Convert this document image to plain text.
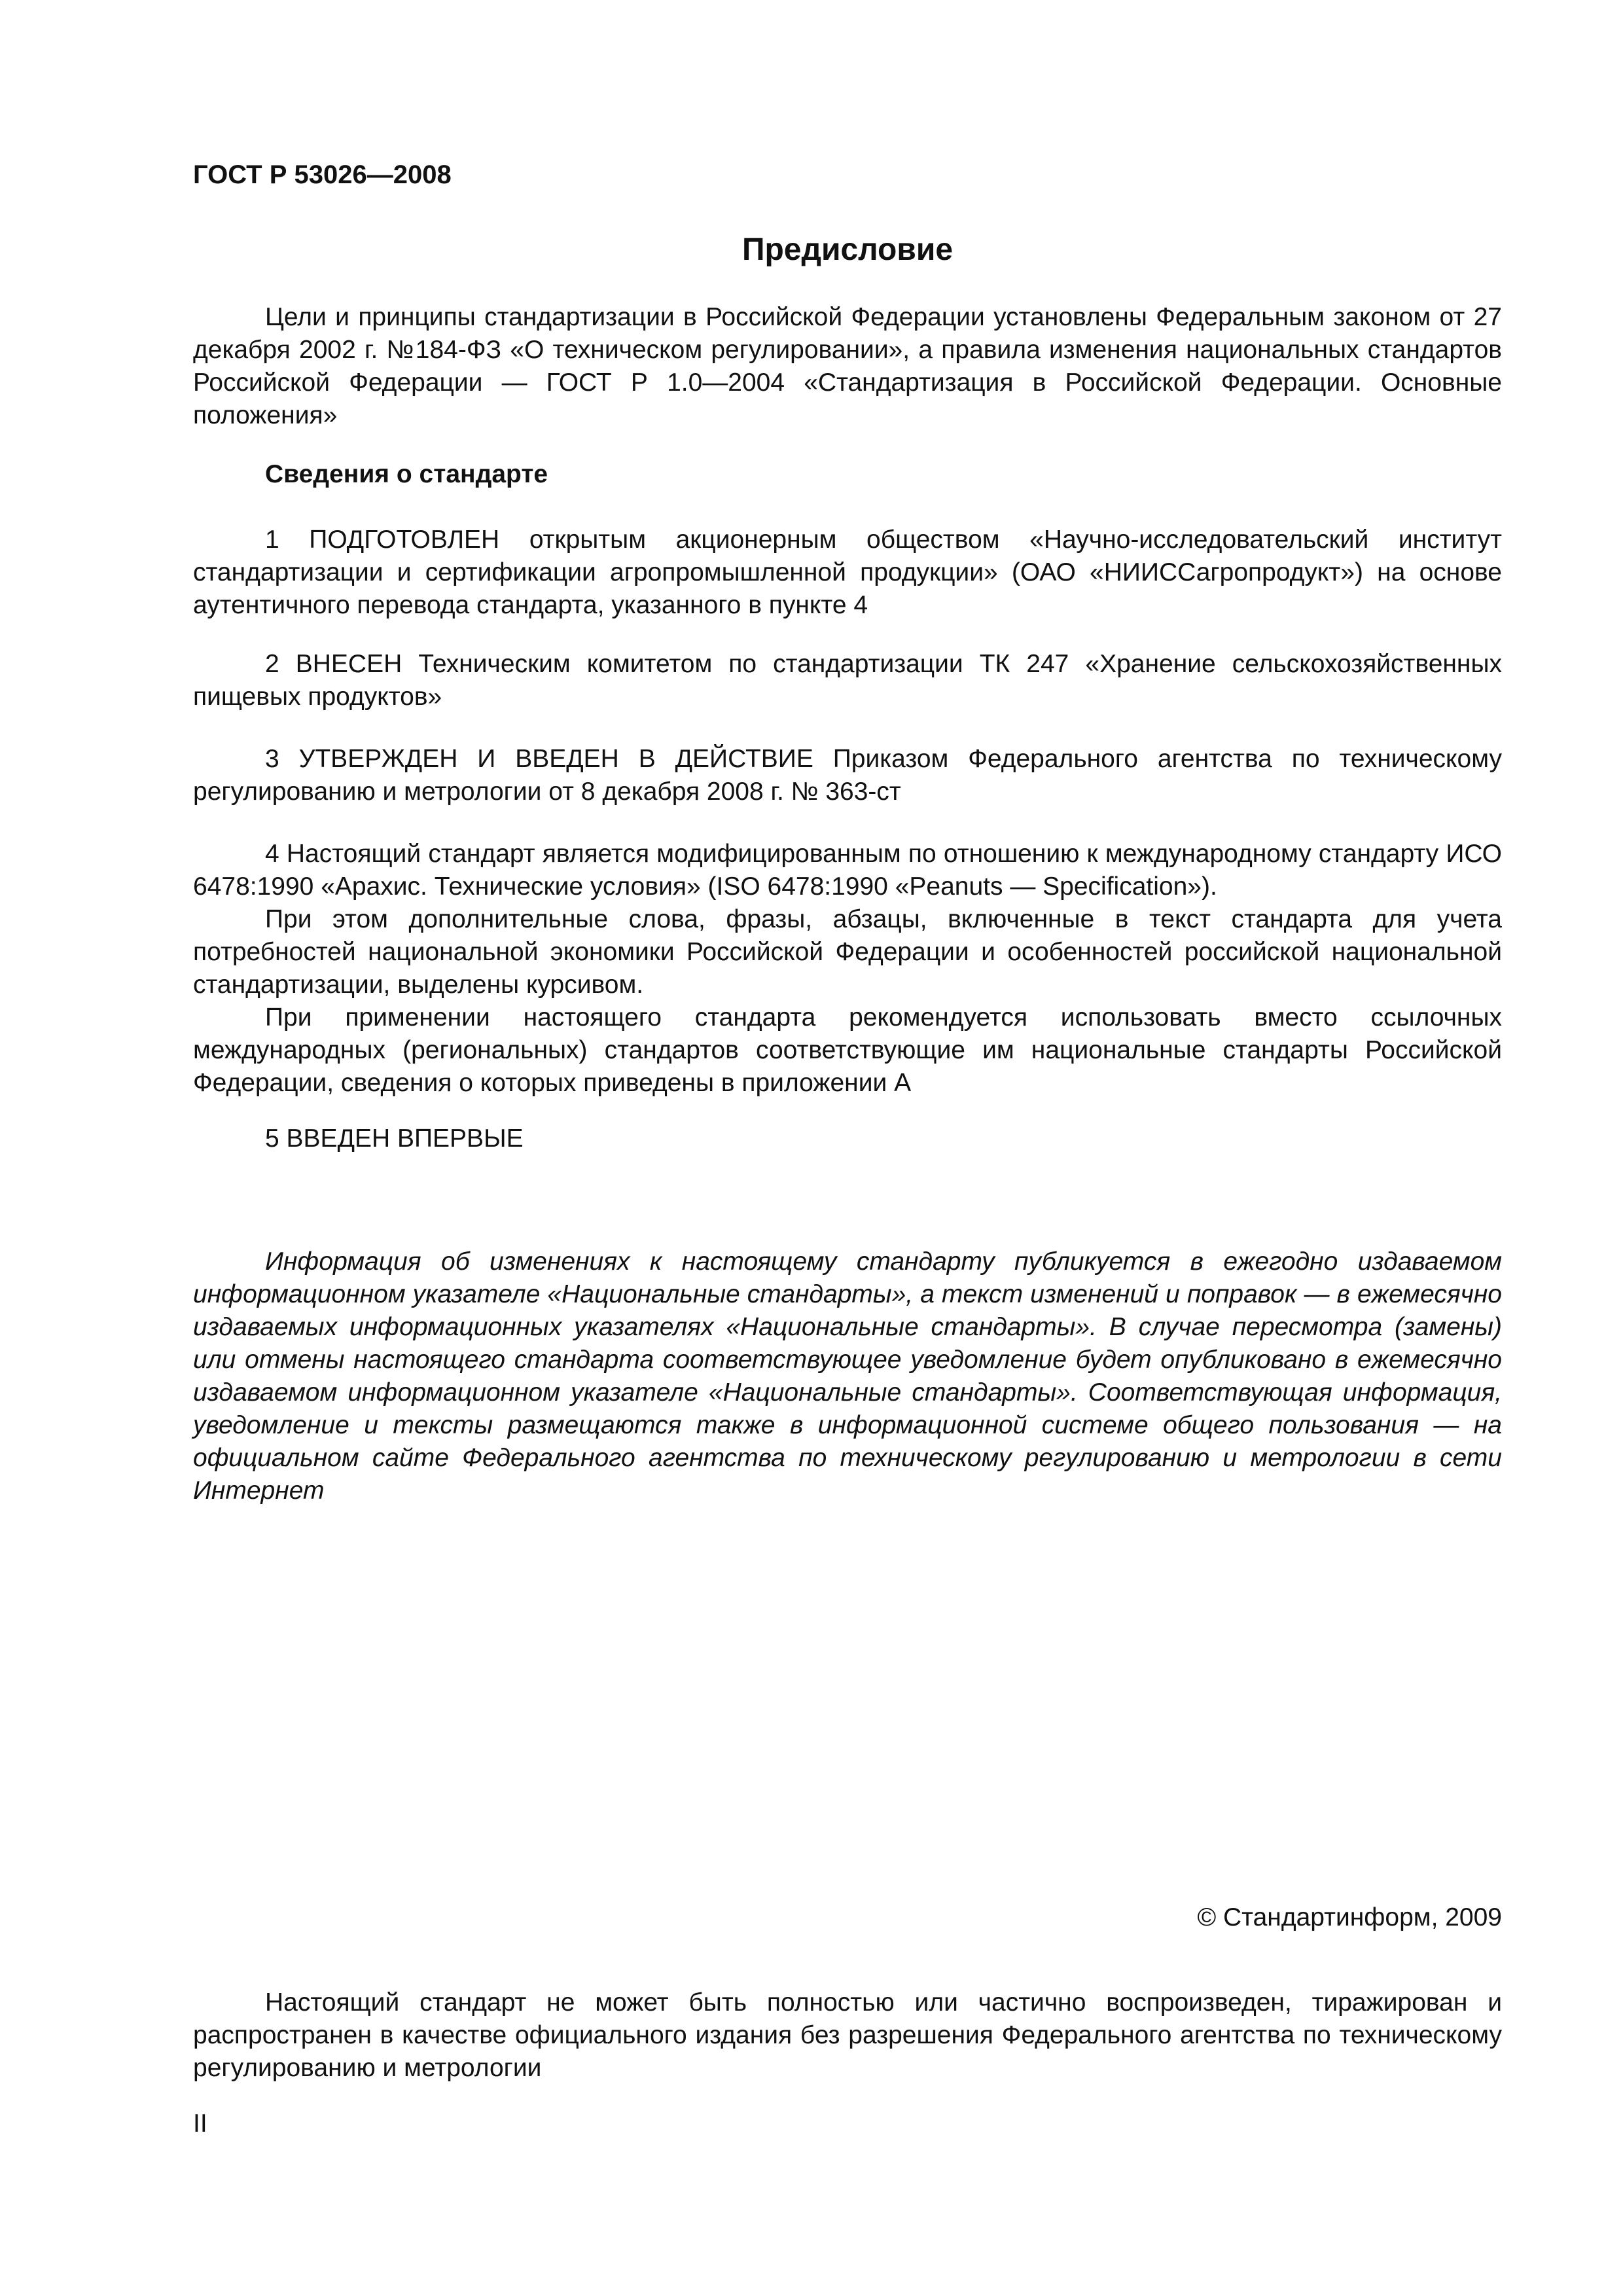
ГОСТ Р 53026—2008
Предисловие

Цели и принципы стандартизации в Российской Федерации установлены Федеральным законом от 27 декабря 2002 г. №184-ФЗ «О техническом регулировании», а правила изменения национальных стандартов Российской Федерации — ГОСТ Р 1.0—2004 «Стандартизация в Российской Федерации. Основные положения»

Сведения о стандарте

1 ПОДГОТОВЛЕН открытым акционерным обществом «Научно-исследовательский институт стандартизации и сертификации агропромышленной продукции» (ОАО «НИИССагропродукт») на основе аутентичного перевода стандарта, указанного в пункте 4

2 ВНЕСЕН Техническим комитетом по стандартизации ТК 247 «Хранение сельскохозяйственных пищевых продуктов»

3 УТВЕРЖДЕН И ВВЕДЕН В ДЕЙСТВИЕ Приказом Федерального агентства по техническому регулированию и метрологии от 8 декабря 2008 г. № 363-ст

4 Настоящий стандарт является модифицированным по отношению к международному стандарту ИСО 6478:1990 «Арахис. Технические условия» (ISO 6478:1990 «Peanuts — Specification»).

При этом дополнительные слова, фразы, абзацы, включенные в текст стандарта для учета потребностей национальной экономики Российской Федерации и особенностей российской национальной стандартизации, выделены курсивом.

При применении настоящего стандарта рекомендуется использовать вместо ссылочных международных (региональных) стандартов соответствующие им национальные стандарты Российской Федерации, сведения о которых приведены в приложении А

5 ВВЕДЕН ВПЕРВЫЕ

Информация об изменениях к настоящему стандарту публикуется в ежегодно издаваемом информационном указателе «Национальные стандарты», а текст изменений и поправок — в ежемесячно издаваемых информационных указателях «Национальные стандарты». В случае пересмотра (замены) или отмены настоящего стандарта соответствующее уведомление будет опубликовано в ежемесячно издаваемом информационном указателе «Национальные стандарты». Соответствующая информация, уведомление и тексты размещаются также в информационной системе общего пользования — на официальном сайте Федерального агентства по техническому регулированию и метрологии в сети Интернет

© Стандартинформ, 2009

Настоящий стандарт не может быть полностью или частично воспроизведен, тиражирован и распространен в качестве официального издания без разрешения Федерального агентства по техническому регулированию и метрологии

II
